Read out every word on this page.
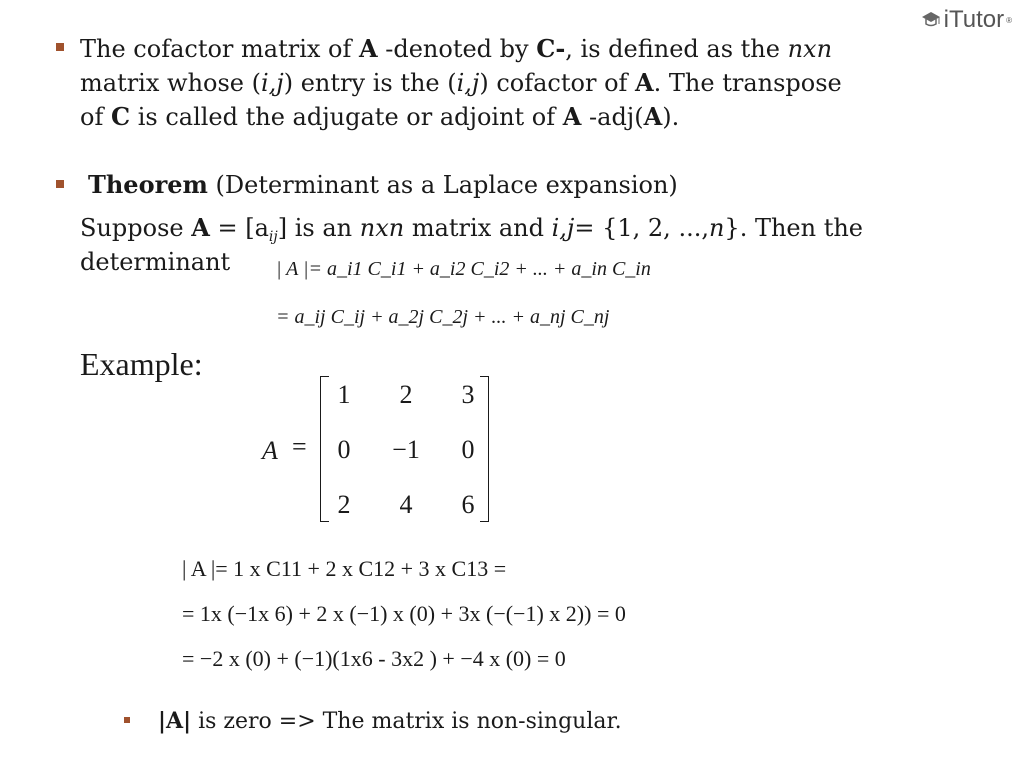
iTutor ®
The cofactor matrix of A -denoted by C-, is defined as the nxn
matrix whose (i,j) entry is the (i,j) cofactor of A. The transpose
of C is called the adjugate or adjoint of A -adj(A).
Theorem (Determinant as a Laplace expansion)
Suppose $A = [a_{ij}]$ is an nxn matrix and i,j= {1, 2, ...,n}. Then the
determinant | A |= a_i1 C_i1 + a_i2 C_i2 + ... + a_in C_in
= a_ij C_ij + a_2j C_2j + ... + a_nj C_nj
Example:
A =
1	2	3
0	−1	0
2	4	6
| A |= 1 x C11 + 2 x C12 + 3 x C13 =
= 1x (−1x 6) + 2 x (−1) x (0) + 3x (−(−1) x 2)) = 0
= −2 x (0) + (−1)(1x6 - 3x2 ) + −4 x (0) = 0
|A| is zero => The matrix is non-singular.
